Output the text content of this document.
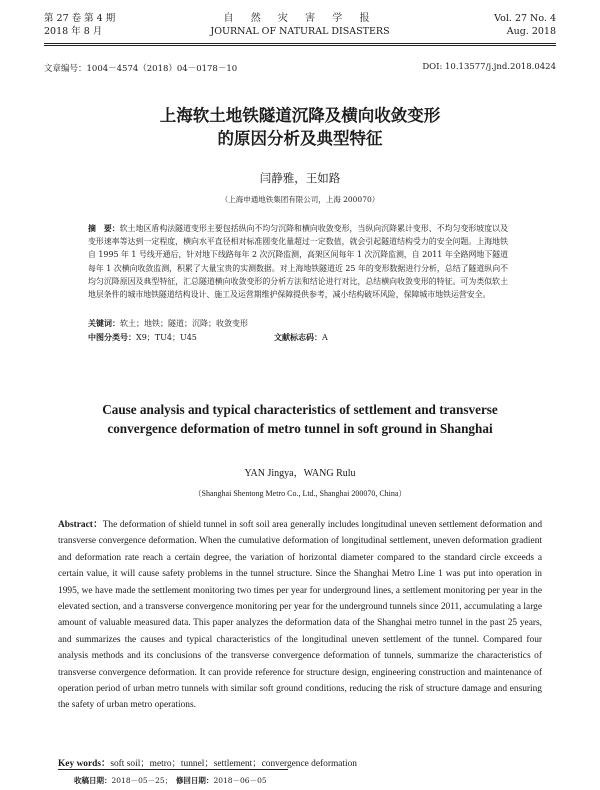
第 27 卷 第 4 期
2018 年 8 月
自 然 灾 害 学 报
JOURNAL OF NATURAL DISASTERS
Vol. 27 No. 4
Aug. 2018
文章编号：1004－4574（2018）04－0178－10	DOI: 10.13577/j.jnd.2018.0424
上海软土地铁隧道沉降及横向收敛变形
的原因分析及典型特征
闫静雅，王如路
（上海申通地铁集团有限公司，上海 200070）
摘　要：软土地区盾构法隧道变形主要包括纵向不均匀沉降和横向收敛变形，当纵向沉降累计变形、不均匀变形坡度以及变形速率等达到一定程度，横向水平直径相对标准圆变化量超过一定数值，就会引起隧道结构受力的安全问题。上海地铁自 1995 年 1 号线开通后，针对地下线路每年 2 次沉降监测，高架区间每年 1 次沉降监测，自 2011 年全路网地下隧道每年 1 次横向收敛监测，积累了大量宝贵的实测数据。对上海地铁隧道近 25 年的变形数据进行分析，总结了隧道纵向不均匀沉降原因及典型特征，汇总隧道横向收敛变形的分析方法和结论进行对比，总结横向收敛变形的特征。可为类似软土地层条件的城市地铁隧道结构设计、施工及运营期维护保障提供参考，减小结构破坏风险，保障城市地铁运营安全。
关键词：软土；地铁；隧道；沉降；收敛变形
中图分类号：X9；TU4；U45	文献标志码：A
Cause analysis and typical characteristics of settlement and transverse
convergence deformation of metro tunnel in soft ground in Shanghai
YAN Jingya，WANG Rulu
（Shanghai Shentong Metro Co., Ltd., Shanghai 200070, China）
Abstract：The deformation of shield tunnel in soft soil area generally includes longitudinal uneven settlement deformation and transverse convergence deformation. When the cumulative deformation of longitudinal settlement, uneven deformation gradient and deformation rate reach a certain degree, the variation of horizontal diameter compared to the standard circle exceeds a certain value, it will cause safety problems in the tunnel structure. Since the Shanghai Metro Line 1 was put into operation in 1995, we have made the settlement monitoring two times per year for underground lines, a settlement monitoring per year in the elevated section, and a transverse convergence monitoring per year for the underground tunnels since 2011, accumulating a large amount of valuable measured data. This paper analyzes the deformation data of the Shanghai metro tunnel in the past 25 years, and summarizes the causes and typical characteristics of the longitudinal uneven settlement of the tunnel. Compared four analysis methods and its conclusions of the transverse convergence deformation of tunnels, summarize the characteristics of transverse convergence deformation. It can provide reference for structure design, engineering construction and maintenance of operation period of urban metro tunnels with similar soft ground conditions, reducing the risk of structure damage and ensuring the safety of urban metro operations.
Key words：soft soil；metro；tunnel；settlement；convergence deformation
收稿日期：2018－05－25；　 修回日期：2018－06－05
